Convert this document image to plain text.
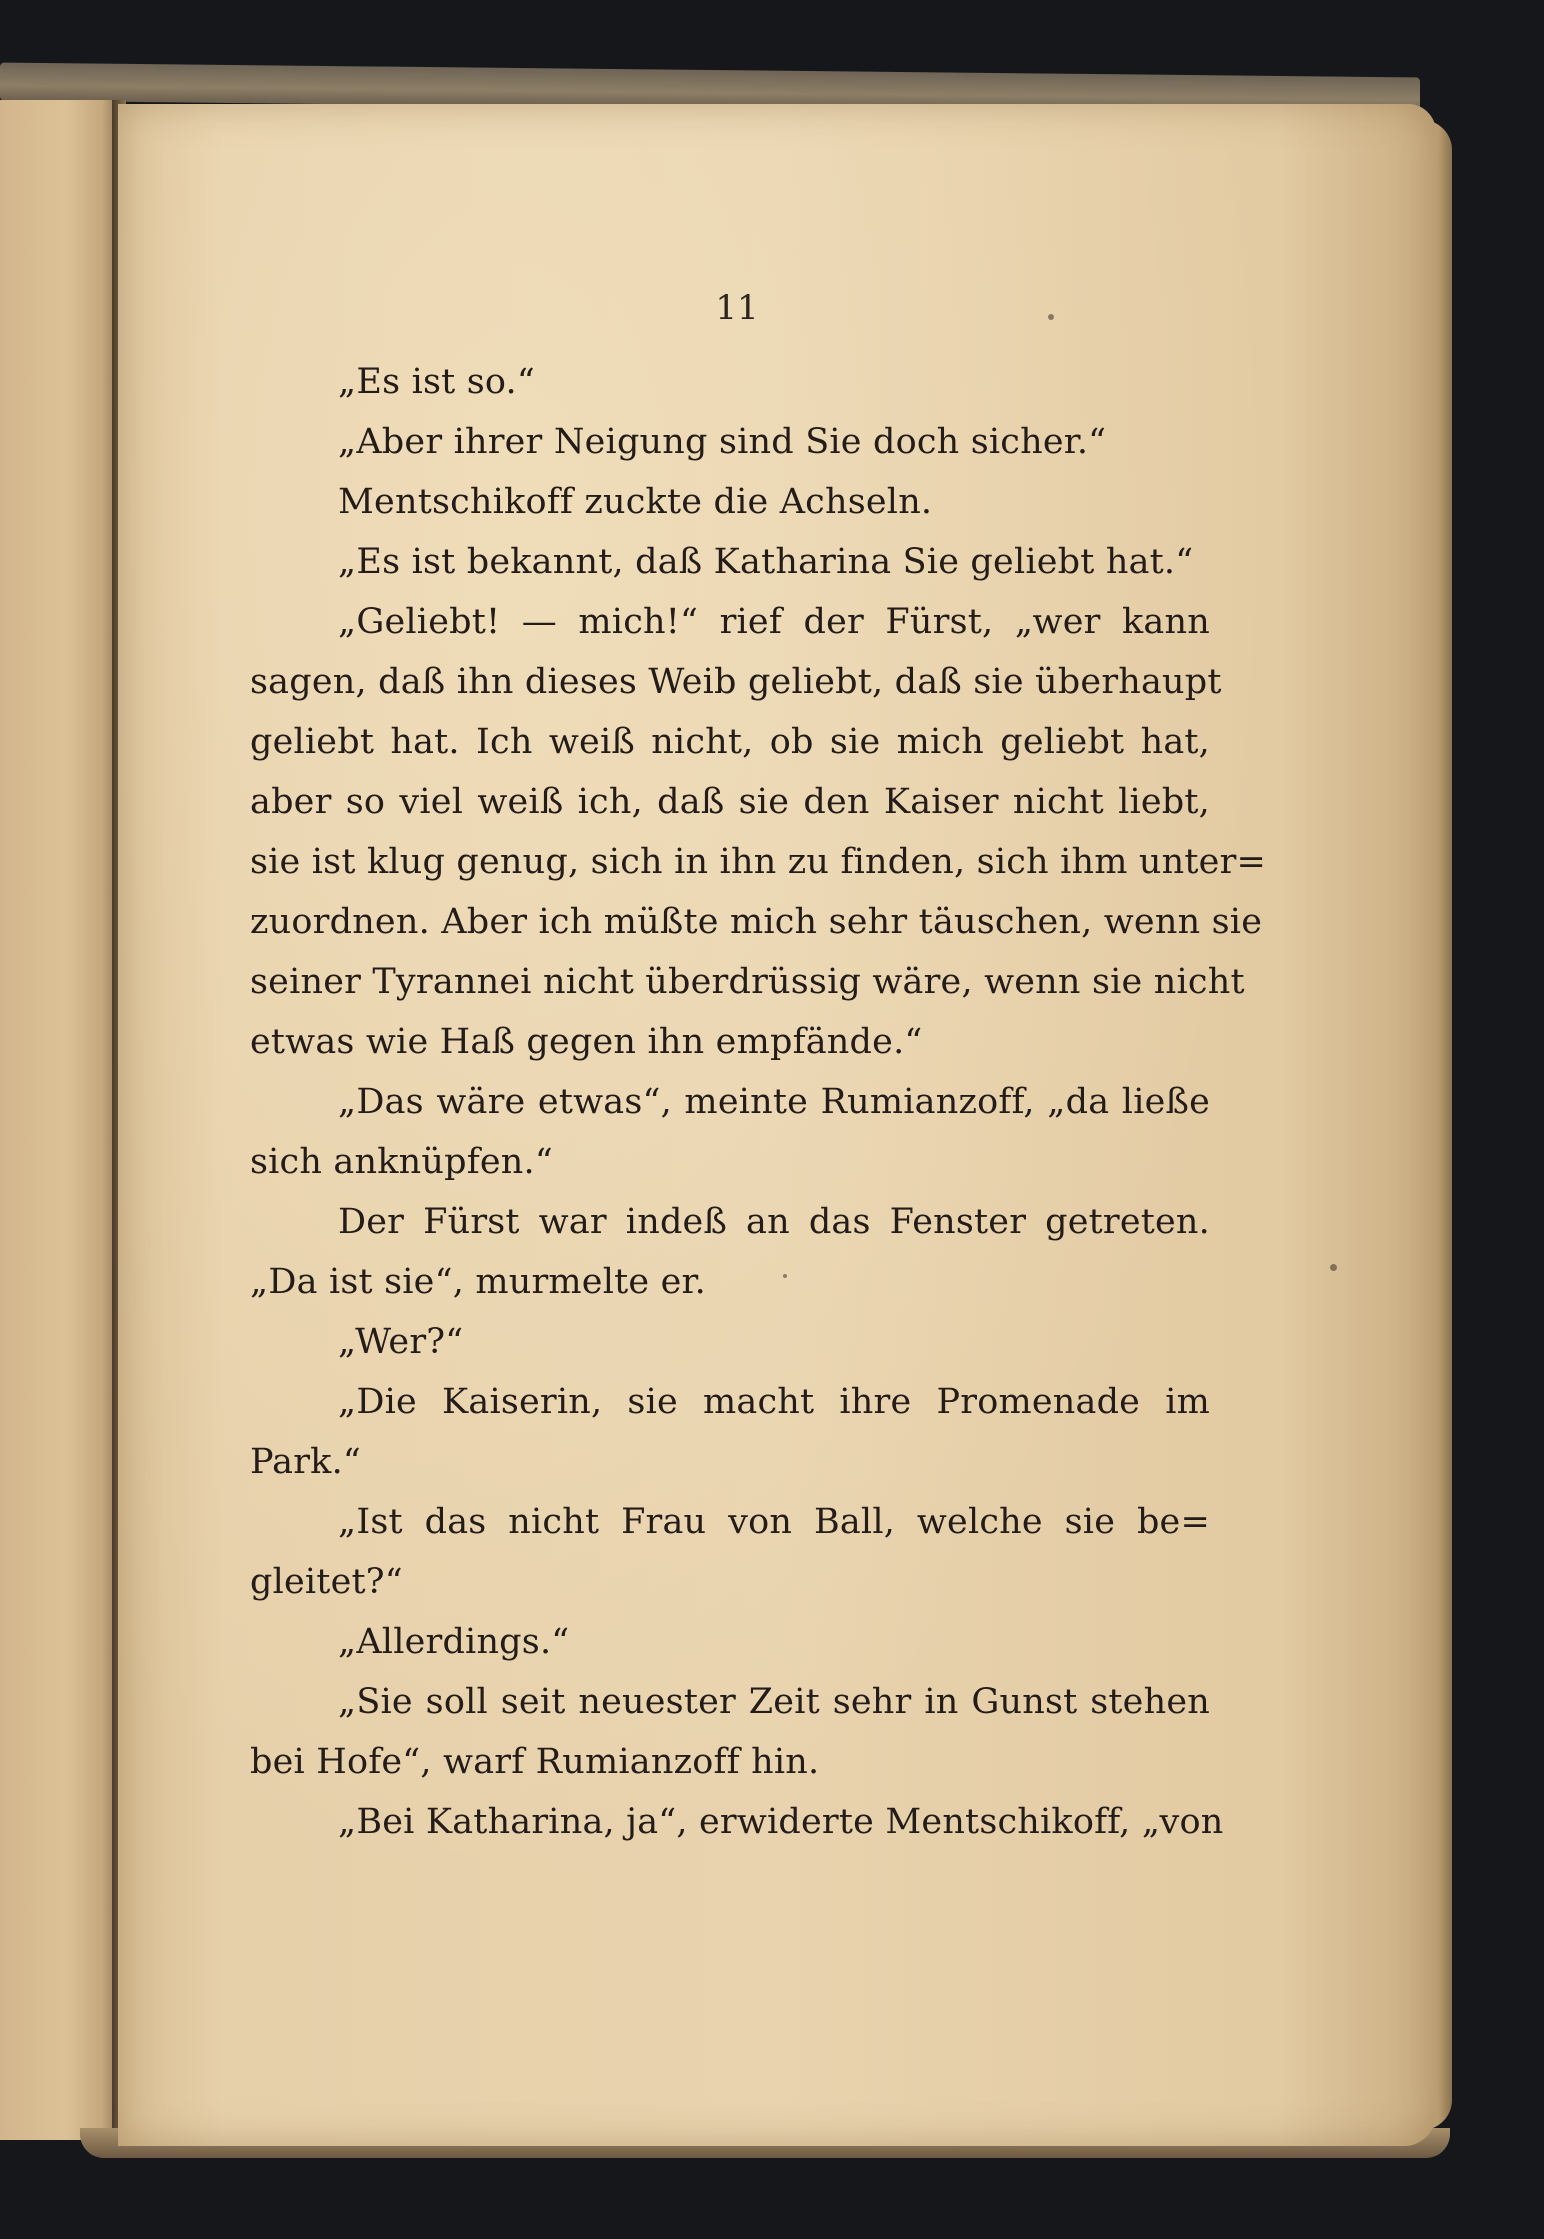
11
„Es ist so.“
„Aber ihrer Neigung sind Sie doch sicher.“
Mentschikoff zuckte die Achseln.
„Es ist bekannt, daß Katharina Sie geliebt hat.“
„Geliebt! — mich!“ rief der Fürst, „wer kann
sagen, daß ihn dieses Weib geliebt, daß sie überhaupt
geliebt hat. Ich weiß nicht, ob sie mich geliebt hat,
aber so viel weiß ich, daß sie den Kaiser nicht liebt,
sie ist klug genug, sich in ihn zu finden, sich ihm unter=
zuordnen. Aber ich müßte mich sehr täuschen, wenn sie
seiner Tyrannei nicht überdrüssig wäre, wenn sie nicht
etwas wie Haß gegen ihn empfände.“
„Das wäre etwas“, meinte Rumianzoff, „da ließe
sich anknüpfen.“
Der Fürst war indeß an das Fenster getreten.
„Da ist sie“, murmelte er.
„Wer?“
„Die Kaiserin, sie macht ihre Promenade im
Park.“
„Ist das nicht Frau von Ball, welche sie be=
gleitet?“
„Allerdings.“
„Sie soll seit neuester Zeit sehr in Gunst stehen
bei Hofe“, warf Rumianzoff hin.
„Bei Katharina, ja“, erwiderte Mentschikoff, „von
